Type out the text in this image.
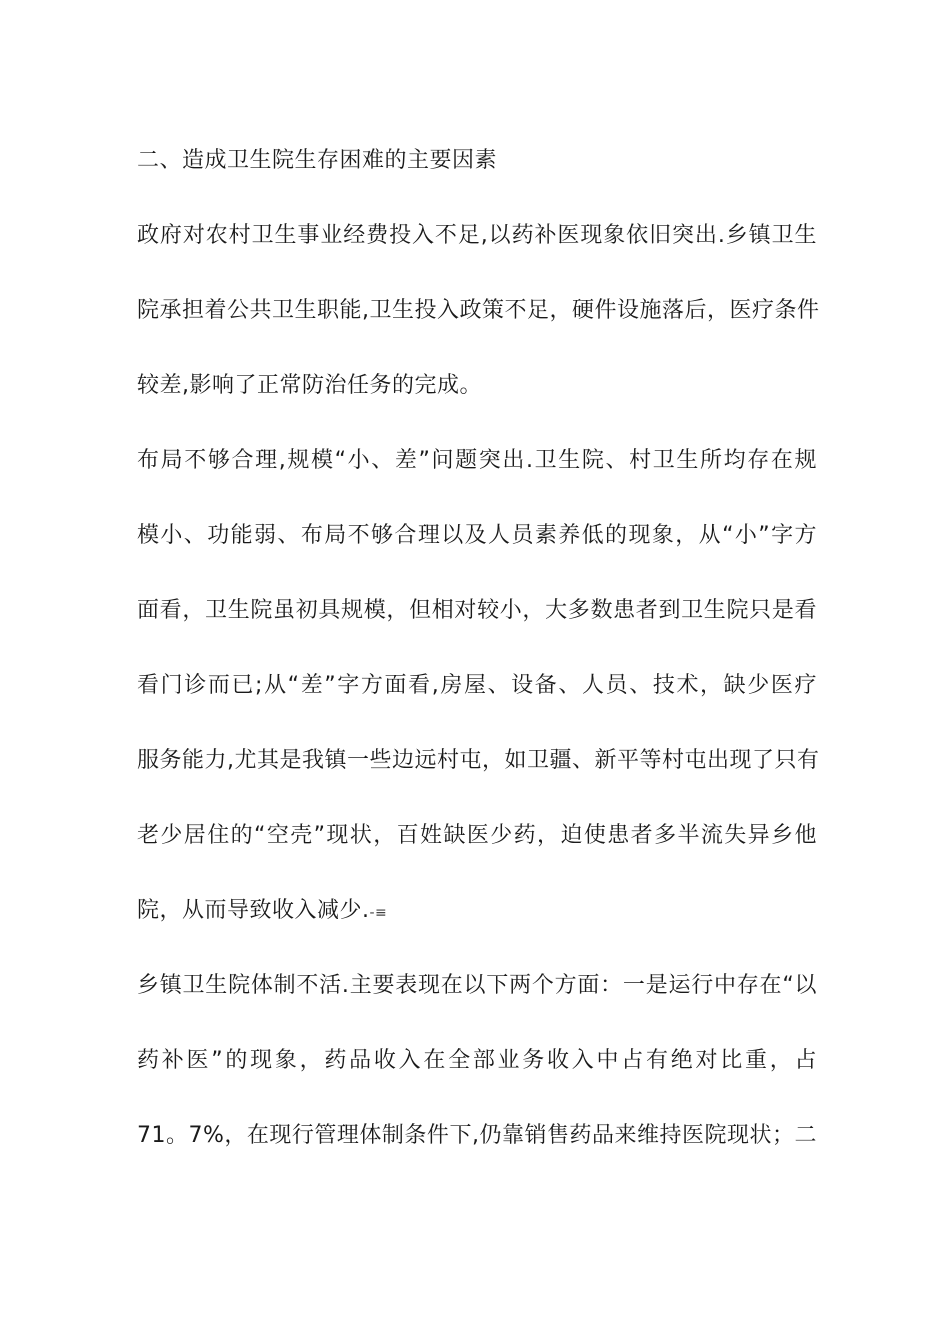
二、造成卫生院生存困难的主要因素
政府对农村卫生事业经费投入不足,以药补医现象依旧突出.乡镇卫生
院承担着公共卫生职能,卫生投入政策不足，硬件设施落后，医疗条件
较差,影响了正常防治任务的完成。
布局不够合理,规模“小、差”问题突出.卫生院、村卫生所均存在规
模小、功能弱、布局不够合理以及人员素养低的现象，从“小”字方
面看，卫生院虽初具规模，但相对较小，大多数患者到卫生院只是看
看门诊而已;从“差”字方面看,房屋、设备、人员、技术，缺少医疗
服务能力,尤其是我镇一些边远村屯，如卫疆、新平等村屯出现了只有
老少居住的“空壳”现状，百姓缺医少药，迫使患者多半流失异乡他
院，从而导致收入减少.-≡
乡镇卫生院体制不活.主要表现在以下两个方面：一是运行中存在“以
药补医”的现象，药品收入在全部业务收入中占有绝对比重，占
71。7%，在现行管理体制条件下,仍靠销售药品来维持医院现状；二
